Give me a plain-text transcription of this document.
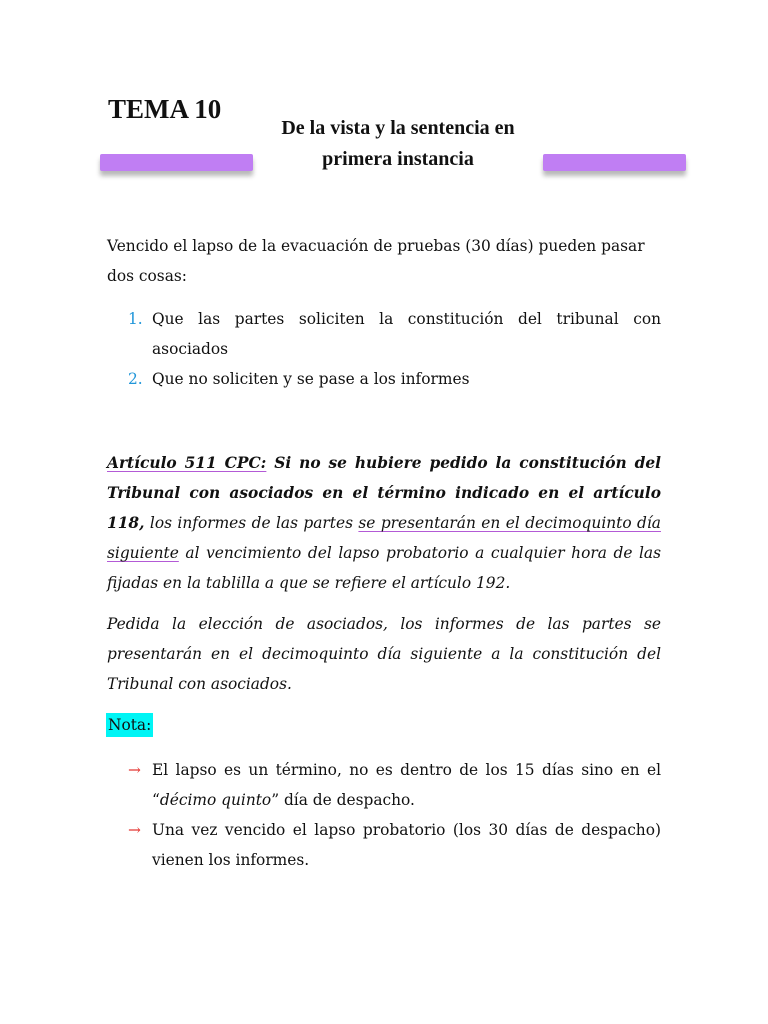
TEMA 10
De la vista y la sentencia en
primera instancia

Vencido el lapso de la evacuación de pruebas (30 días) pueden pasar dos cosas:

1. Que las partes soliciten la constitución del tribunal con asociados
2. Que no soliciten y se pase a los informes

Artículo 511 CPC: Si no se hubiere pedido la constitución del Tribunal con asociados en el término indicado en el artículo 118, los informes de las partes se presentarán en el decimoquinto día siguiente al vencimiento del lapso probatorio a cualquier hora de las fijadas en la tablilla a que se refiere el artículo 192.

Pedida la elección de asociados, los informes de las partes se presentarán en el decimoquinto día siguiente a la constitución del Tribunal con asociados.

Nota:

→ El lapso es un término, no es dentro de los 15 días sino en el “décimo quinto” día de despacho.
→ Una vez vencido el lapso probatorio (los 30 días de despacho) vienen los informes.
